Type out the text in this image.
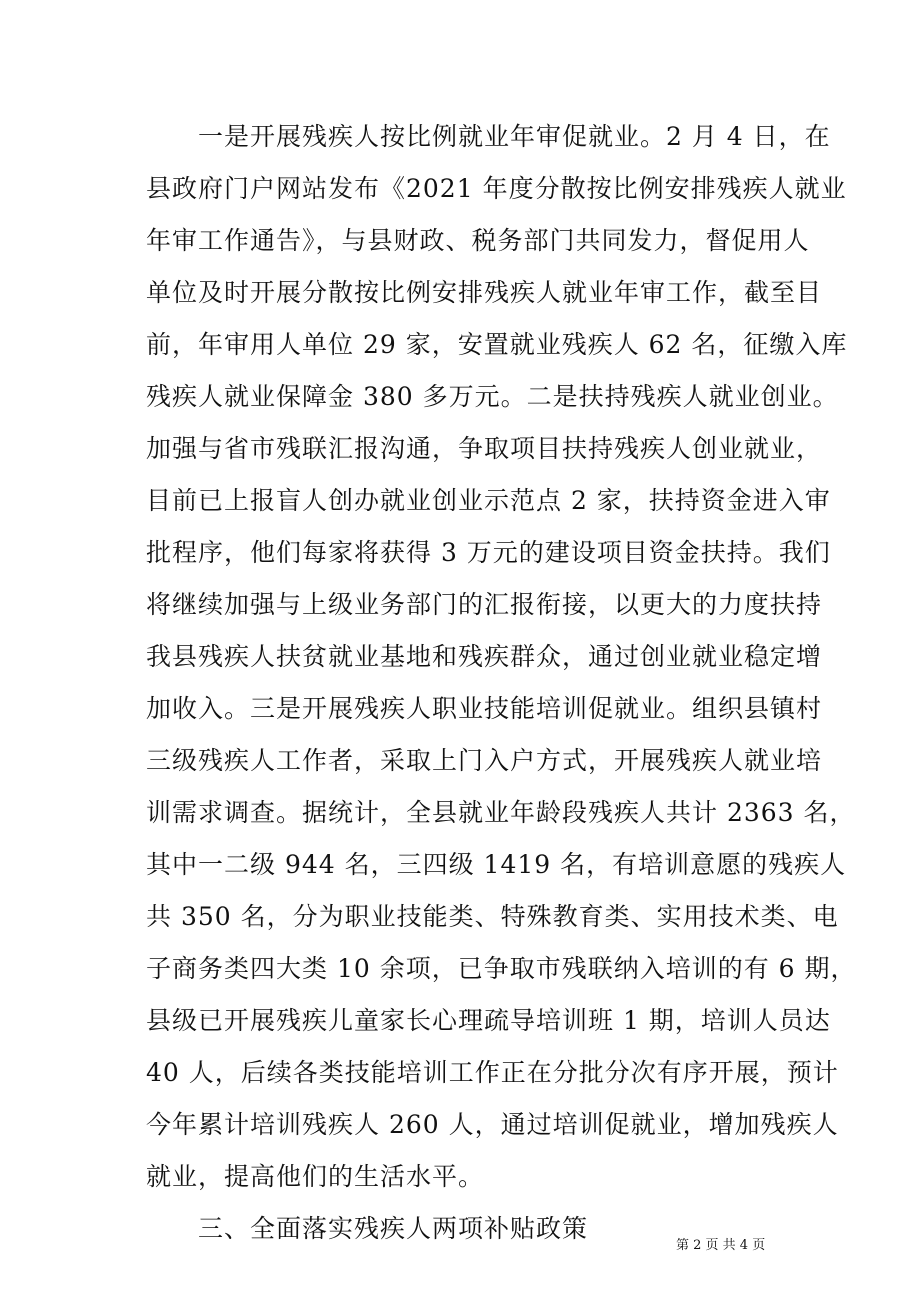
一是开展残疾人按比例就业年审促就业。2 月 4 日，在
县政府门户网站发布《2021 年度分散按比例安排残疾人就业
年审工作通告》，与县财政、税务部门共同发力，督促用人
单位及时开展分散按比例安排残疾人就业年审工作，截至目
前，年审用人单位 29 家，安置就业残疾人 62 名，征缴入库
残疾人就业保障金 380 多万元。二是扶持残疾人就业创业。
加强与省市残联汇报沟通，争取项目扶持残疾人创业就业，
目前已上报盲人创办就业创业示范点 2 家，扶持资金进入审
批程序，他们每家将获得 3 万元的建设项目资金扶持。我们
将继续加强与上级业务部门的汇报衔接，以更大的力度扶持
我县残疾人扶贫就业基地和残疾群众，通过创业就业稳定增
加收入。三是开展残疾人职业技能培训促就业。组织县镇村
三级残疾人工作者，采取上门入户方式，开展残疾人就业培
训需求调查。据统计，全县就业年龄段残疾人共计 2363 名，
其中一二级 944 名，三四级 1419 名，有培训意愿的残疾人
共 350 名，分为职业技能类、特殊教育类、实用技术类、电
子商务类四大类 10 余项，已争取市残联纳入培训的有 6 期，
县级已开展残疾儿童家长心理疏导培训班 1 期，培训人员达
40 人，后续各类技能培训工作正在分批分次有序开展，预计
今年累计培训残疾人 260 人，通过培训促就业，增加残疾人
就业，提高他们的生活水平。
三、全面落实残疾人两项补贴政策
第 2 页 共 4 页
